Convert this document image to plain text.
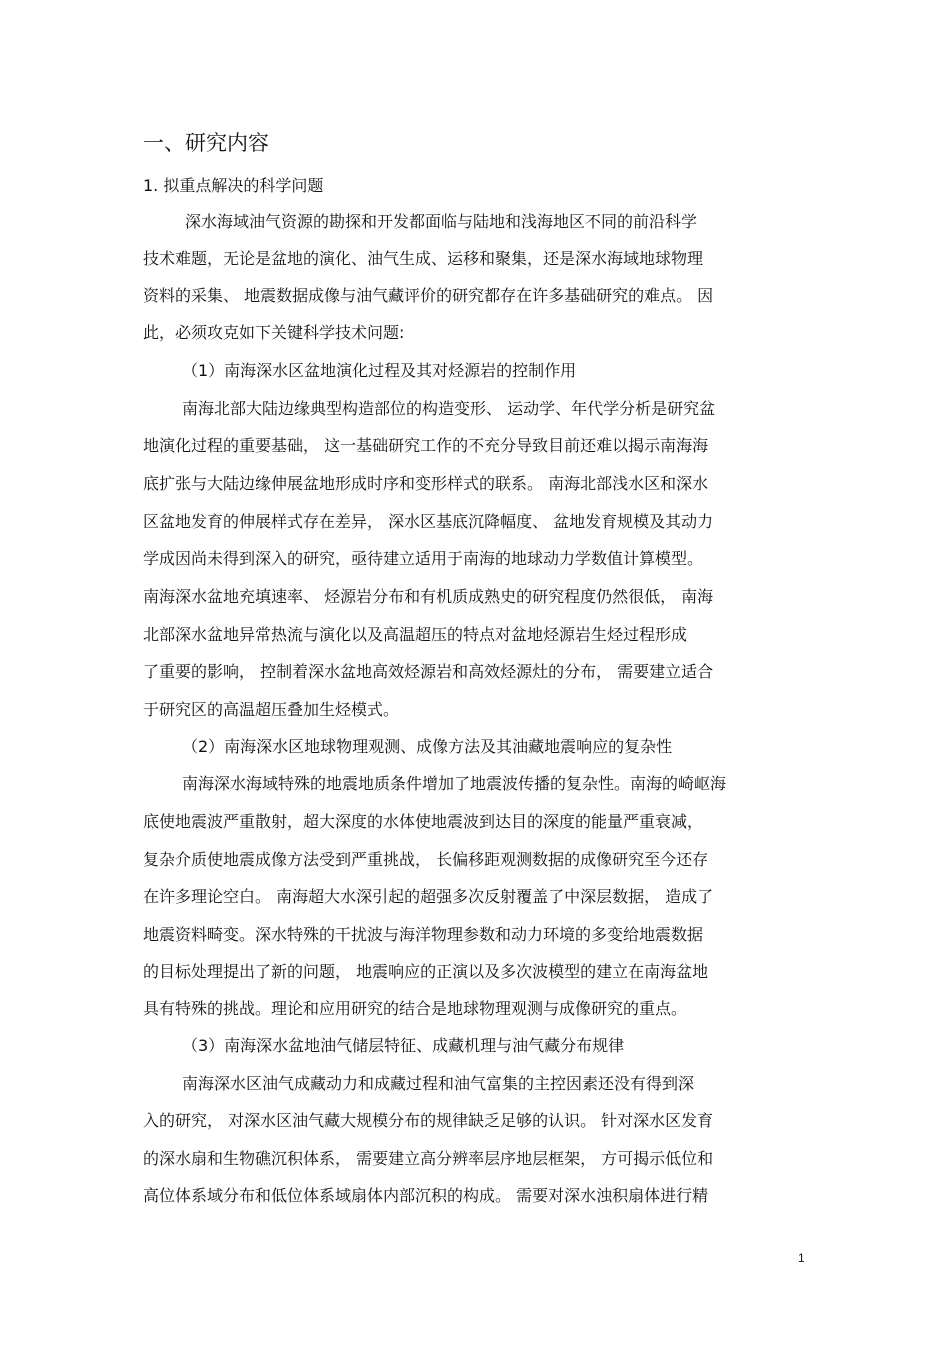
一、研究内容
1. 拟重点解决的科学问题
深水海域油气资源的勘探和开发都面临与陆地和浅海地区不同的前沿科学
技术难题，无论是盆地的演化、油气生成、运移和聚集，还是深水海域地球物理
资料的采集、 地震数据成像与油气藏评价的研究都存在许多基础研究的难点。 因
此，必须攻克如下关键科学技术问题:
（1）南海深水区盆地演化过程及其对烃源岩的控制作用
南海北部大陆边缘典型构造部位的构造变形、 运动学、年代学分析是研究盆
地演化过程的重要基础， 这一基础研究工作的不充分导致目前还难以揭示南海海
底扩张与大陆边缘伸展盆地形成时序和变形样式的联系。 南海北部浅水区和深水
区盆地发育的伸展样式存在差异， 深水区基底沉降幅度、 盆地发育规模及其动力
学成因尚未得到深入的研究，亟待建立适用于南海的地球动力学数值计算模型。
南海深水盆地充填速率、 烃源岩分布和有机质成熟史的研究程度仍然很低， 南海
北部深水盆地异常热流与演化以及高温超压的特点对盆地烃源岩生烃过程形成
了重要的影响， 控制着深水盆地高效烃源岩和高效烃源灶的分布， 需要建立适合
于研究区的高温超压叠加生烃模式。
（2）南海深水区地球物理观测、成像方法及其油藏地震响应的复杂性
南海深水海域特殊的地震地质条件增加了地震波传播的复杂性。南海的崎岖海
底使地震波严重散射，超大深度的水体使地震波到达目的深度的能量严重衰减，
复杂介质使地震成像方法受到严重挑战， 长偏移距观测数据的成像研究至今还存
在许多理论空白。 南海超大水深引起的超强多次反射覆盖了中深层数据， 造成了
地震资料畸变。深水特殊的干扰波与海洋物理参数和动力环境的多变给地震数据
的目标处理提出了新的问题， 地震响应的正演以及多次波模型的建立在南海盆地
具有特殊的挑战。理论和应用研究的结合是地球物理观测与成像研究的重点。
（3）南海深水盆地油气储层特征、成藏机理与油气藏分布规律
南海深水区油气成藏动力和成藏过程和油气富集的主控因素还没有得到深
入的研究， 对深水区油气藏大规模分布的规律缺乏足够的认识。 针对深水区发育
的深水扇和生物礁沉积体系， 需要建立高分辨率层序地层框架， 方可揭示低位和
高位体系域分布和低位体系域扇体内部沉积的构成。 需要对深水浊积扇体进行精
1
